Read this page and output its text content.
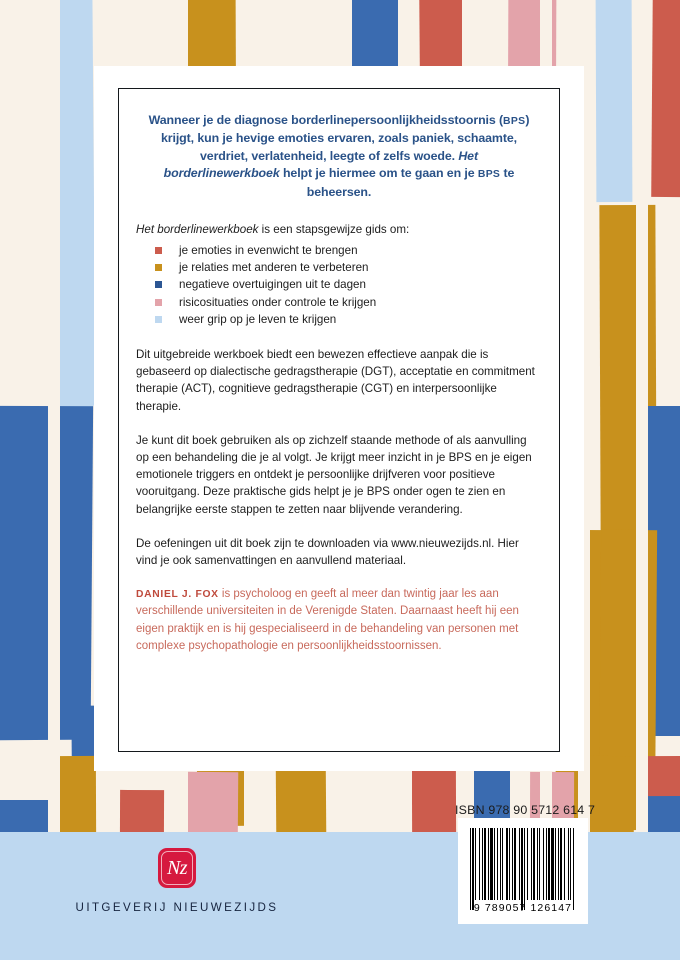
Wanneer je de diagnose borderlinepersoonlijkheidsstoornis (BPS) krijgt, kun je hevige emoties ervaren, zoals paniek, schaamte, verdriet, verlatenheid, leegte of zelfs woede. Het borderlinewerkboek helpt je hiermee om te gaan en je BPS te beheersen.

Het borderlinewerkboek is een stapsgewijze gids om:

je emoties in evenwicht te brengen
je relaties met anderen te verbeteren
negatieve overtuigingen uit te dagen
risicosituaties onder controle te krijgen
weer grip op je leven te krijgen

Dit uitgebreide werkboek biedt een bewezen effectieve aanpak die is gebaseerd op dialectische gedragstherapie (DGT), acceptatie en commitment therapie (ACT), cognitieve gedragstherapie (CGT) en interpersoonlijke therapie.

Je kunt dit boek gebruiken als op zichzelf staande methode of als aanvulling op een behandeling die je al volgt. Je krijgt meer inzicht in je BPS en je eigen emotionele triggers en ontdekt je persoonlijke drijfveren voor positieve vooruitgang. Deze praktische gids helpt je je BPS onder ogen te zien en belangrijke eerste stappen te zetten naar blijvende verandering.

De oefeningen uit dit boek zijn te downloaden via www.nieuwezijds.nl. Hier vind je ook samenvattingen en aanvullend materiaal.

DANIEL J. FOX is psycholoog en geeft al meer dan twintig jaar les aan verschillende universiteiten in de Verenigde Staten. Daarnaast heeft hij een eigen praktijk en is hij gespecialiseerd in de behandeling van personen met complexe psychopathologie en persoonlijkheidsstoornissen.

Nz
UITGEVERIJ NIEUWEZIJDS
ISBN 978 90 5712 614 7
9 789057 126147
